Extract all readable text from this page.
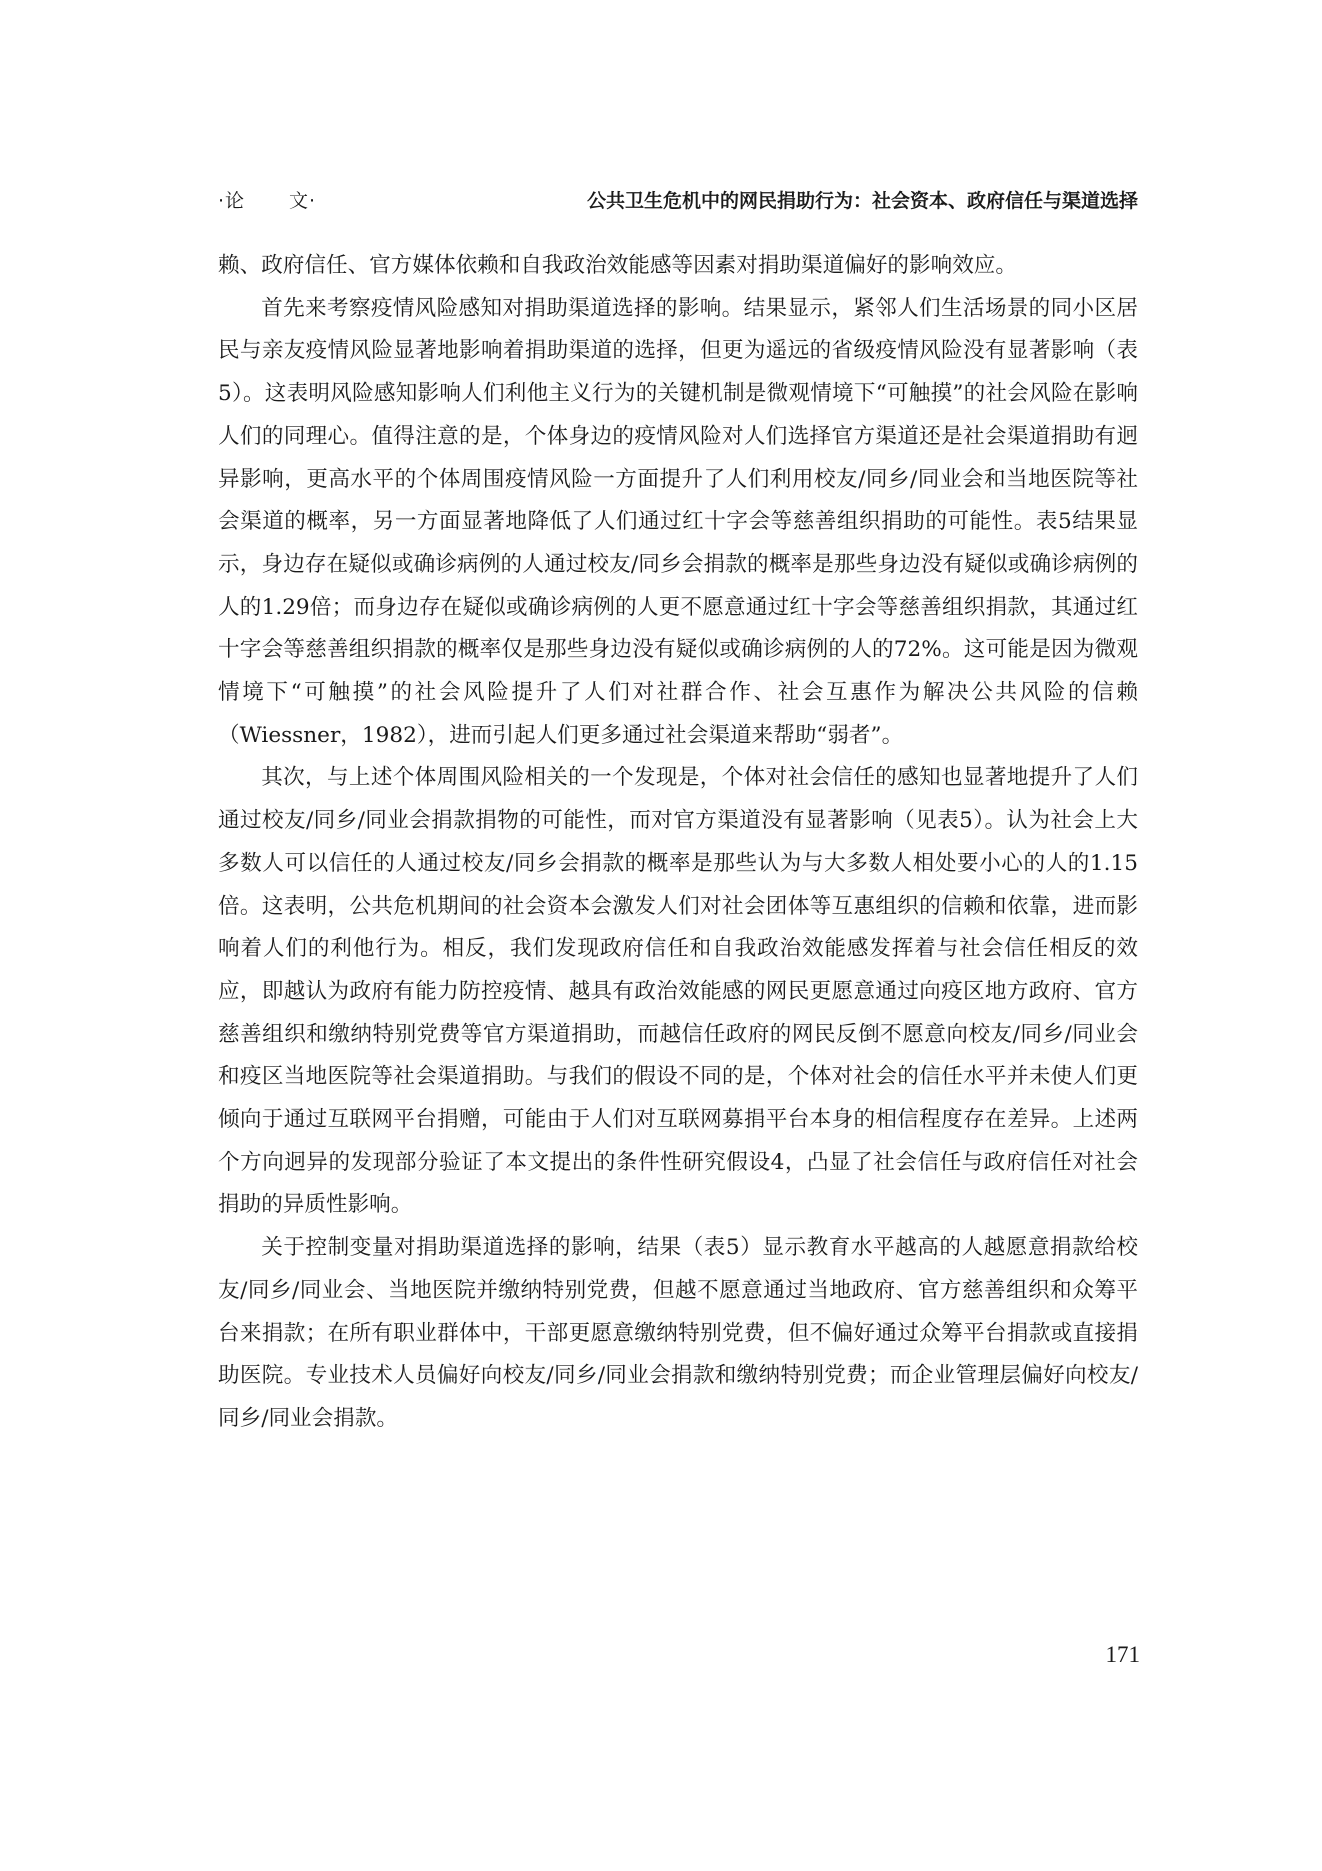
·论 文·	公共卫生危机中的网民捐助行为：社会资本、政府信任与渠道选择

赖、政府信任、官方媒体依赖和自我政治效能感等因素对捐助渠道偏好的影响效应。

首先来考察疫情风险感知对捐助渠道选择的影响。结果显示，紧邻人们生活场景的同小区居民与亲友疫情风险显著地影响着捐助渠道的选择，但更为遥远的省级疫情风险没有显著影响（表5）。这表明风险感知影响人们利他主义行为的关键机制是微观情境下“可触摸”的社会风险在影响人们的同理心。值得注意的是，个体身边的疫情风险对人们选择官方渠道还是社会渠道捐助有迥异影响，更高水平的个体周围疫情风险一方面提升了人们利用校友/同乡/同业会和当地医院等社会渠道的概率，另一方面显著地降低了人们通过红十字会等慈善组织捐助的可能性。表5结果显示，身边存在疑似或确诊病例的人通过校友/同乡会捐款的概率是那些身边没有疑似或确诊病例的人的1.29倍；而身边存在疑似或确诊病例的人更不愿意通过红十字会等慈善组织捐款，其通过红十字会等慈善组织捐款的概率仅是那些身边没有疑似或确诊病例的人的72%。这可能是因为微观情境下“可触摸”的社会风险提升了人们对社群合作、社会互惠作为解决公共风险的信赖（Wiessner，1982），进而引起人们更多通过社会渠道来帮助“弱者”。

其次，与上述个体周围风险相关的一个发现是，个体对社会信任的感知也显著地提升了人们通过校友/同乡/同业会捐款捐物的可能性，而对官方渠道没有显著影响（见表5）。认为社会上大多数人可以信任的人通过校友/同乡会捐款的概率是那些认为与大多数人相处要小心的人的1.15倍。这表明，公共危机期间的社会资本会激发人们对社会团体等互惠组织的信赖和依靠，进而影响着人们的利他行为。相反，我们发现政府信任和自我政治效能感发挥着与社会信任相反的效应，即越认为政府有能力防控疫情、越具有政治效能感的网民更愿意通过向疫区地方政府、官方慈善组织和缴纳特别党费等官方渠道捐助，而越信任政府的网民反倒不愿意向校友/同乡/同业会和疫区当地医院等社会渠道捐助。与我们的假设不同的是，个体对社会的信任水平并未使人们更倾向于通过互联网平台捐赠，可能由于人们对互联网募捐平台本身的相信程度存在差异。上述两个方向迥异的发现部分验证了本文提出的条件性研究假设4，凸显了社会信任与政府信任对社会捐助的异质性影响。

关于控制变量对捐助渠道选择的影响，结果（表5）显示教育水平越高的人越愿意捐款给校友/同乡/同业会、当地医院并缴纳特别党费，但越不愿意通过当地政府、官方慈善组织和众筹平台来捐款；在所有职业群体中，干部更愿意缴纳特别党费，但不偏好通过众筹平台捐款或直接捐助医院。专业技术人员偏好向校友/同乡/同业会捐款和缴纳特别党费；而企业管理层偏好向校友/同乡/同业会捐款。

171
